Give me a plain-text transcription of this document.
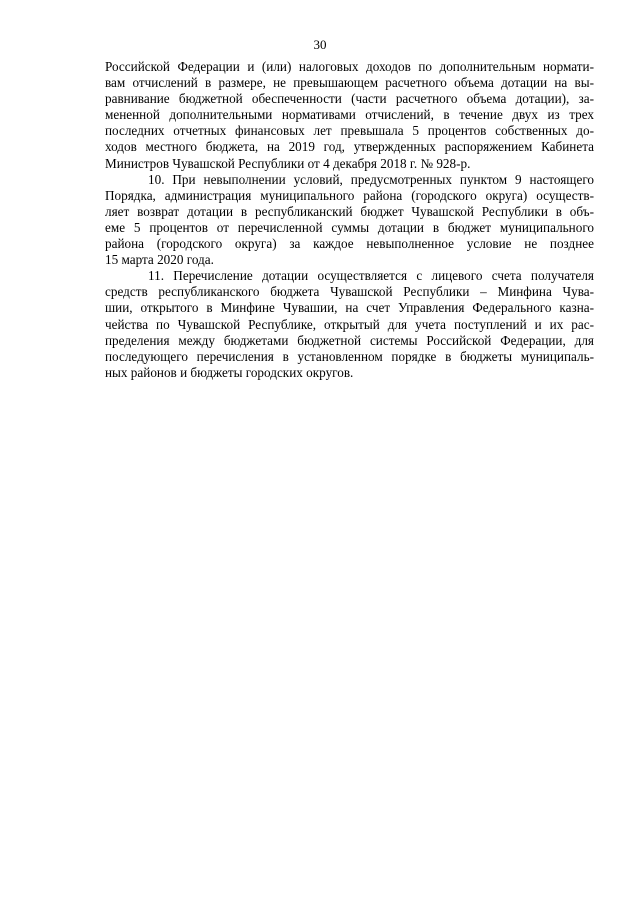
30
Российской Федерации и (или) налоговых доходов по дополнительным нормати-
вам отчислений в размере, не превышающем расчетного объема дотации на вы-
равнивание бюджетной обеспеченности (части расчетного объема дотации), за-
мененной дополнительными нормативами отчислений, в течение двух из трех
последних отчетных финансовых лет превышала 5 процентов собственных до-
ходов местного бюджета, на 2019 год, утвержденных распоряжением Кабинета
Министров Чувашской Республики от 4 декабря 2018 г. № 928-р.
10. При невыполнении условий, предусмотренных пунктом 9 настоящего
Порядка, администрация муниципального района (городского округа) осуществ-
ляет возврат дотации в республиканский бюджет Чувашской Республики в объ-
еме 5 процентов от перечисленной суммы дотации в бюджет муниципального
района (городского округа) за каждое невыполненное условие не позднее
15 марта 2020 года.
11. Перечисление дотации осуществляется с лицевого счета получателя
средств республиканского бюджета Чувашской Республики – Минфина Чува-
шии, открытого в Минфине Чувашии, на счет Управления Федерального казна-
чейства по Чувашской Республике, открытый для учета поступлений и их рас-
пределения между бюджетами бюджетной системы Российской Федерации, для
последующего перечисления в установленном порядке в бюджеты муниципаль-
ных районов и бюджеты городских округов.
